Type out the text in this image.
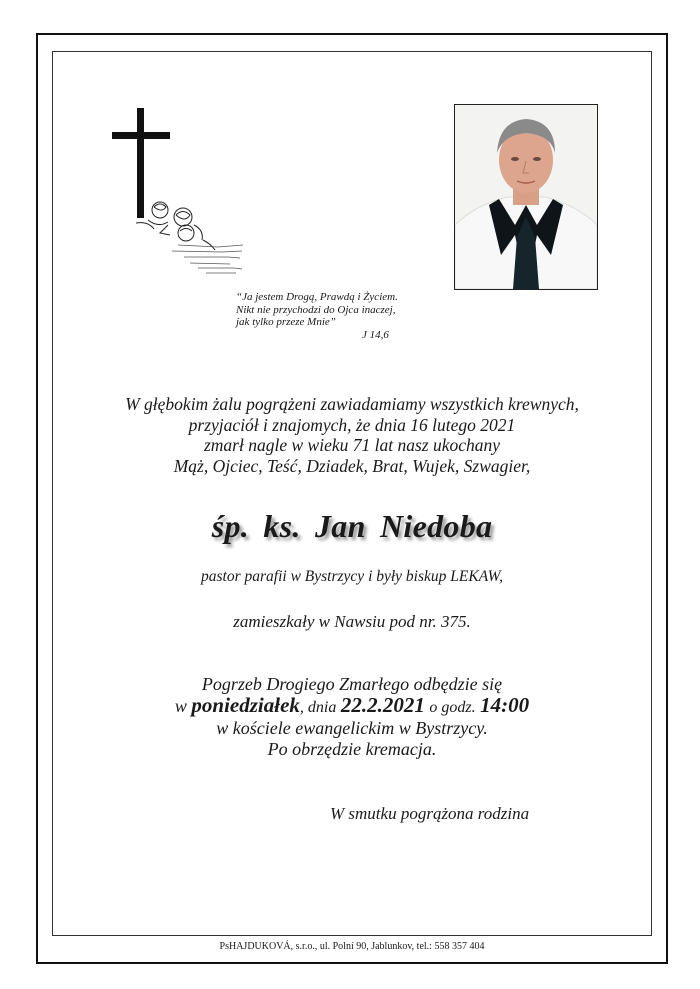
“Ja jestem Drogą, Prawdą i Życiem.
Nikt nie przychodzi do Ojca inaczej,
jak tylko przeze Mnie”
J 14,6
W głębokim żalu pogrążeni zawiadamiamy wszystkich krewnych,
przyjaciół i znajomych, że dnia 16 lutego 2021
zmarł nagle w wieku 71 lat nasz ukochany
Mąż, Ojciec, Teść, Dziadek, Brat, Wujek, Szwagier,
śp. ks. Jan Niedoba
pastor parafii w Bystrzycy i były biskup LEKAW,
zamieszkały w Nawsiu pod nr. 375.
Pogrzeb Drogiego Zmarłego odbędzie się
w poniedziałek, dnia 22.2.2021 o godz. 14:00
w kościele ewangelickim w Bystrzycy.
Po obrzędzie kremacja.
W smutku pogrążona rodzina
PsHAJDUKOVÁ, s.r.o., ul. Polní 90, Jablunkov, tel.: 558 357 404
